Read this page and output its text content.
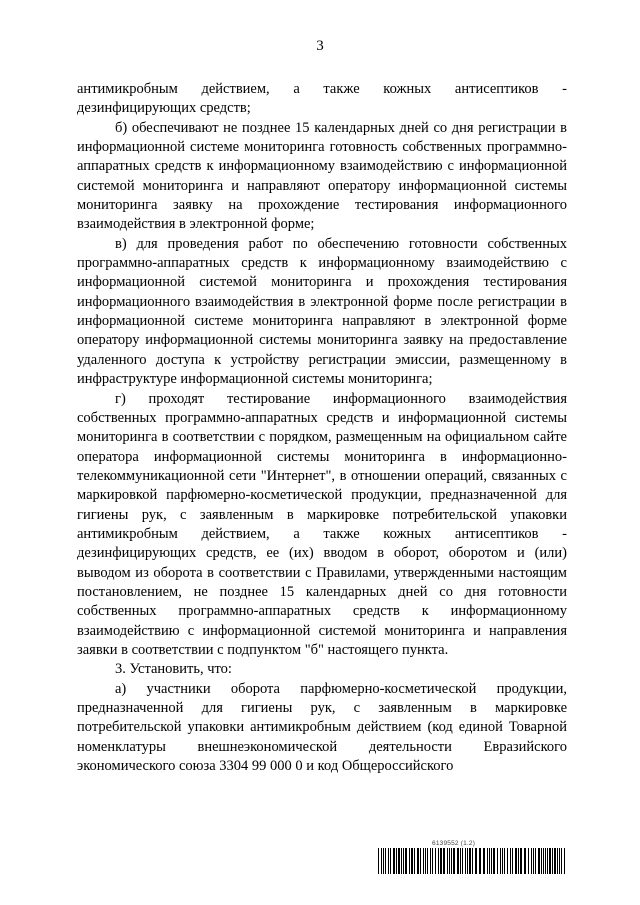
3

антимикробным действием, а также кожных антисептиков - дезинфицирующих средств;

б) обеспечивают не позднее 15 календарных дней со дня регистрации в информационной системе мониторинга готовность собственных программно-аппаратных средств к информационному взаимодействию с информационной системой мониторинга и направляют оператору информационной системы мониторинга заявку на прохождение тестирования информационного взаимодействия в электронной форме;

в) для проведения работ по обеспечению готовности собственных программно-аппаратных средств к информационному взаимодействию с информационной системой мониторинга и прохождения тестирования информационного взаимодействия в электронной форме после регистрации в информационной системе мониторинга направляют в электронной форме оператору информационной системы мониторинга заявку на предоставление удаленного доступа к устройству регистрации эмиссии, размещенному в инфраструктуре информационной системы мониторинга;

г) проходят тестирование информационного взаимодействия собственных программно-аппаратных средств и информационной системы мониторинга в соответствии с порядком, размещенным на официальном сайте оператора информационной системы мониторинга в информационно-телекоммуникационной сети "Интернет", в отношении операций, связанных с маркировкой парфюмерно-косметической продукции, предназначенной для гигиены рук, с заявленным в маркировке потребительской упаковки антимикробным действием, а также кожных антисептиков - дезинфицирующих средств, ее (их) вводом в оборот, оборотом и (или) выводом из оборота в соответствии с Правилами, утвержденными настоящим постановлением, не позднее 15 календарных дней со дня готовности собственных программно-аппаратных средств к информационному взаимодействию с информационной системой мониторинга и направления заявки в соответствии с подпунктом "б" настоящего пункта.

3. Установить, что:

а) участники оборота парфюмерно-косметической продукции, предназначенной для гигиены рук, с заявленным в маркировке потребительской упаковки антимикробным действием (код единой Товарной номенклатуры внешнеэкономической деятельности Евразийского экономического союза 3304 99 000 0 и код Общероссийского

6139552 (1.2)
